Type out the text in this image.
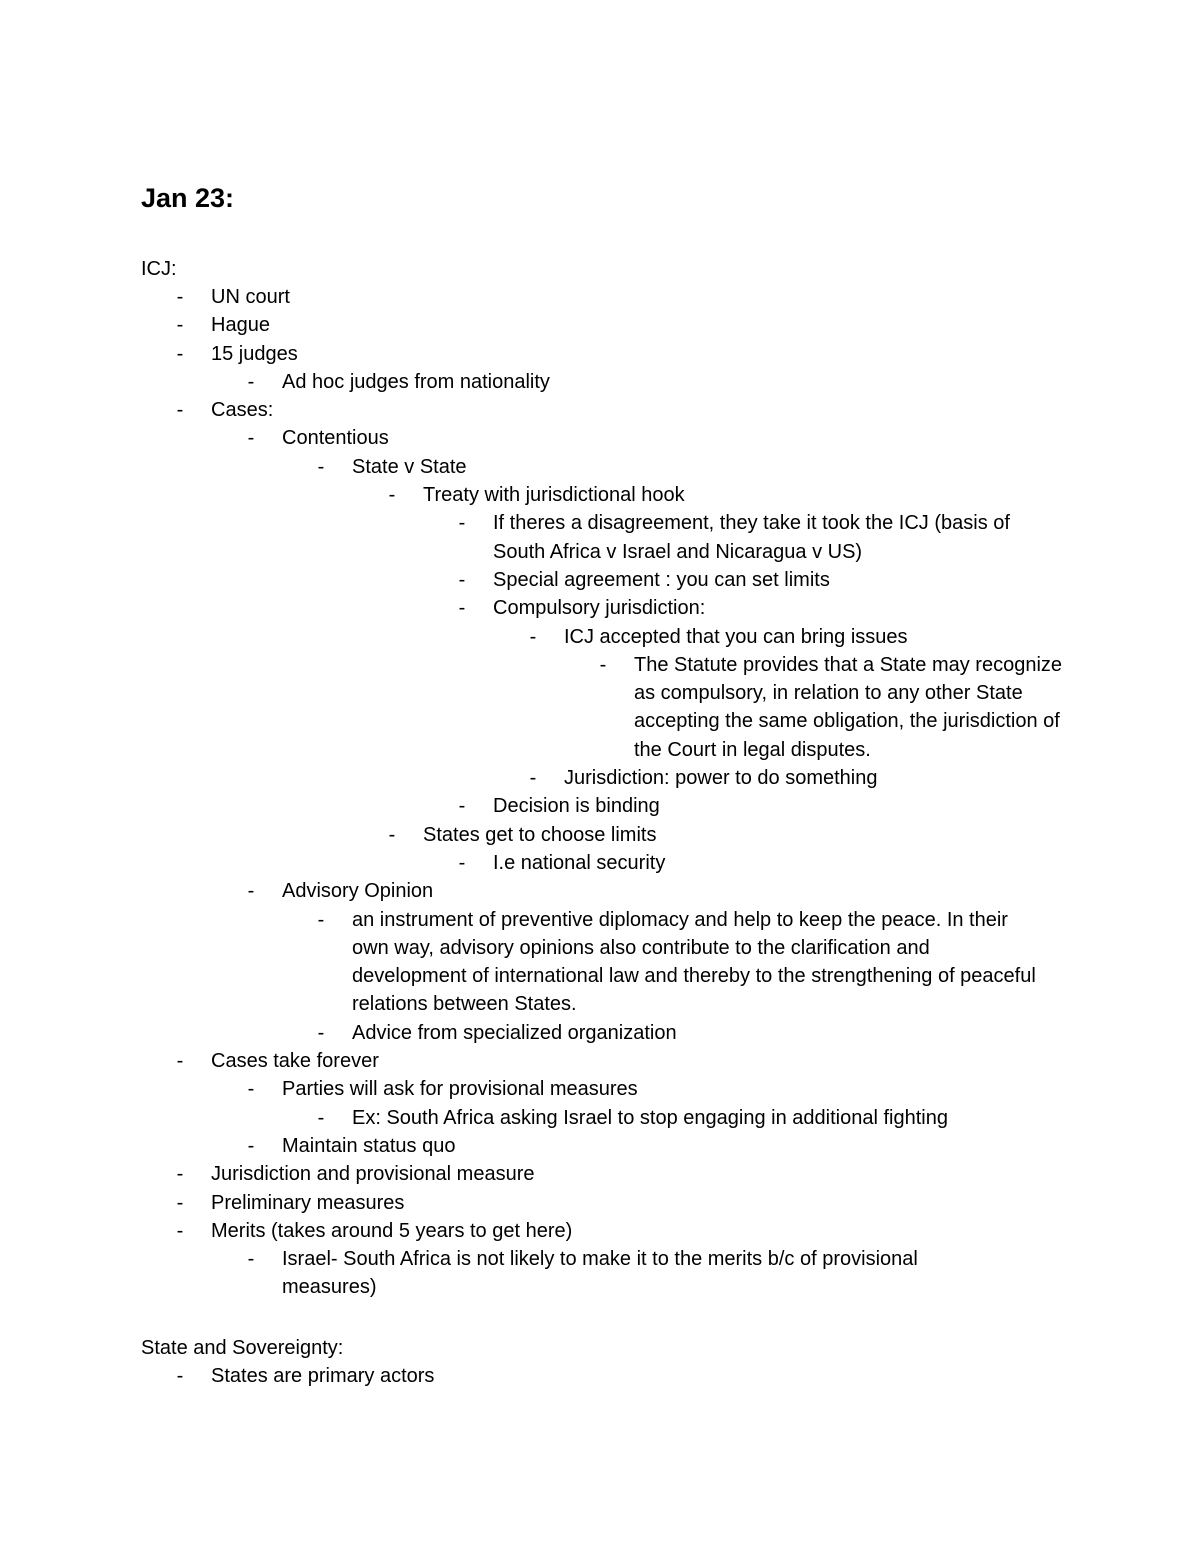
Jan 23:

ICJ:

- UN court
- Hague
- 15 judges
- Ad hoc judges from nationality
- Cases:
- Contentious
- State v State
- Treaty with jurisdictional hook
- If theres a disagreement, they take it took the ICJ (basis of South Africa v Israel and Nicaragua v US)
- Special agreement : you can set limits
- Compulsory jurisdiction:
- ICJ accepted that you can bring issues
- The Statute provides that a State may recognize as compulsory, in relation to any other State accepting the same obligation, the jurisdiction of the Court in legal disputes.
- Jurisdiction: power to do something
- Decision is binding
- States get to choose limits
- I.e national security
- Advisory Opinion
- an instrument of preventive diplomacy and help to keep the peace. In their own way, advisory opinions also contribute to the clarification and development of international law and thereby to the strengthening of peaceful relations between States.
- Advice from specialized organization
- Cases take forever
- Parties will ask for provisional measures
- Ex: South Africa asking Israel to stop engaging in additional fighting
- Maintain status quo
- Jurisdiction and provisional measure
- Preliminary measures
- Merits (takes around 5 years to get here)
- Israel- South Africa is not likely to make it to the merits b/c of provisional measures)

State and Sovereignty:

- States are primary actors
